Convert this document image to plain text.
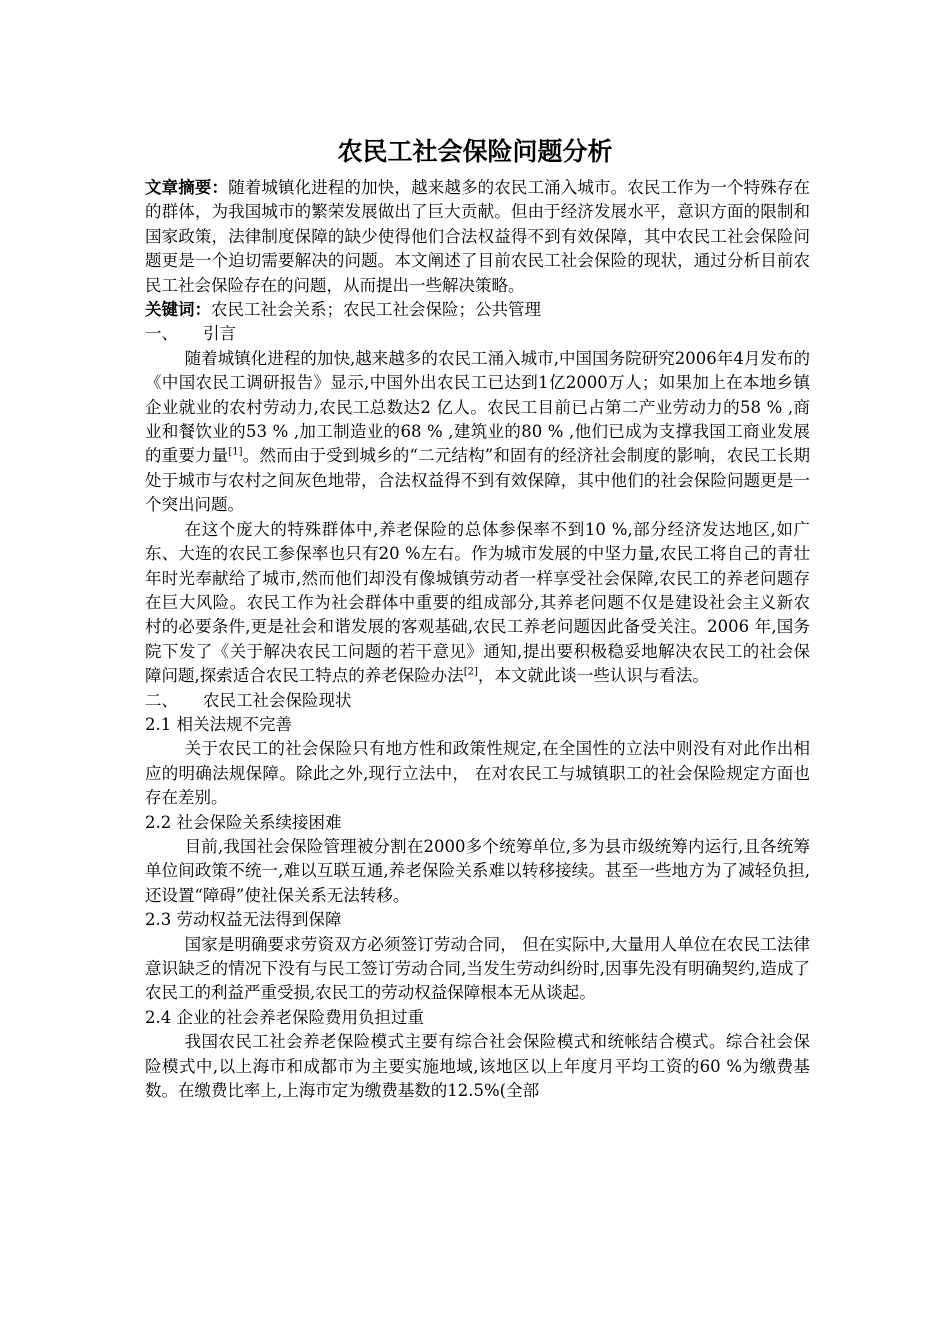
农民工社会保险问题分析

文章摘要：随着城镇化进程的加快，越来越多的农民工涌入城市。农民工作为一个特殊存在的群体，为我国城市的繁荣发展做出了巨大贡献。但由于经济发展水平，意识方面的限制和国家政策，法律制度保障的缺少使得他们合法权益得不到有效保障，其中农民工社会保险问题更是一个迫切需要解决的问题。本文阐述了目前农民工社会保险的现状，通过分析目前农民工社会保险存在的问题，从而提出一些解决策略。

关键词：农民工社会关系；农民工社会保险；公共管理

一、 引言

随着城镇化进程的加快,越来越多的农民工涌入城市,中国国务院研究2006年4月发布的《中国农民工调研报告》显示,中国外出农民工已达到1亿2000万人；如果加上在本地乡镇企业就业的农村劳动力,农民工总数达2 亿人。农民工目前已占第二产业劳动力的58 % ,商业和餐饮业的53 % ,加工制造业的68 % ,建筑业的80 % ,他们已成为支撑我国工商业发展的重要力量[1]。然而由于受到城乡的“二元结构”和固有的经济社会制度的影响，农民工长期处于城市与农村之间灰色地带，合法权益得不到有效保障，其中他们的社会保险问题更是一个突出问题。

在这个庞大的特殊群体中,养老保险的总体参保率不到10 %,部分经济发达地区,如广东、大连的农民工参保率也只有20 %左右。作为城市发展的中坚力量,农民工将自己的青壮年时光奉献给了城市,然而他们却没有像城镇劳动者一样享受社会保障,农民工的养老问题存在巨大风险。农民工作为社会群体中重要的组成部分,其养老问题不仅是建设社会主义新农村的必要条件,更是社会和谐发展的客观基础,农民工养老问题因此备受关注。2006 年,国务院下发了《关于解决农民工问题的若干意见》通知,提出要积极稳妥地解决农民工的社会保障问题,探索适合农民工特点的养老保险办法[2]，本文就此谈一些认识与看法。

二、 农民工社会保险现状

2.1 相关法规不完善

关于农民工的社会保险只有地方性和政策性规定,在全国性的立法中则没有对此作出相应的明确法规保障。除此之外,现行立法中， 在对农民工与城镇职工的社会保险规定方面也存在差别。

2.2 社会保险关系续接困难

目前,我国社会保险管理被分割在2000多个统筹单位,多为县市级统筹内运行,且各统筹单位间政策不统一,难以互联互通,养老保险关系难以转移接续。甚至一些地方为了减轻负担,还设置“障碍”使社保关系无法转移。

2.3 劳动权益无法得到保障

国家是明确要求劳资双方必须签订劳动合同， 但在实际中,大量用人单位在农民工法律意识缺乏的情况下没有与民工签订劳动合同,当发生劳动纠纷时,因事先没有明确契约,造成了农民工的利益严重受损,农民工的劳动权益保障根本无从谈起。

2.4 企业的社会养老保险费用负担过重

我国农民工社会养老保险模式主要有综合社会保险模式和统帐结合模式。综合社会保险模式中,以上海市和成都市为主要实施地域,该地区以上年度月平均工资的60 %为缴费基数。在缴费比率上,上海市定为缴费基数的12.5%(全部
